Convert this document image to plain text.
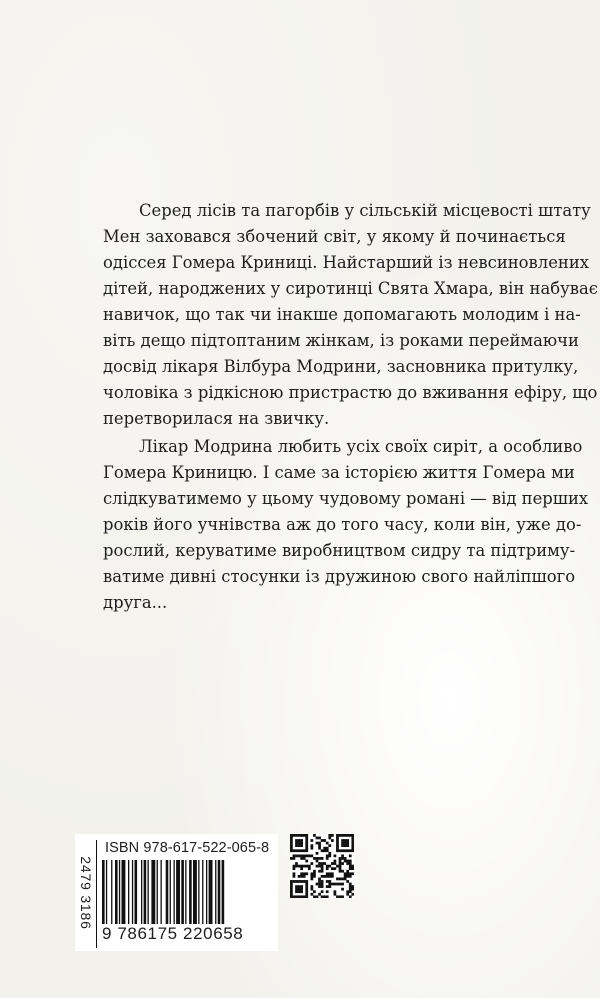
Серед лісів та пагорбів у сільській місцевості штату
Мен заховався збочений світ, у якому й починається
одіссея Гомера Криниці. Найстарший із невсиновлених
дітей, народжених у сиротинці Свята Хмара, він набуває
навичок, що так чи інакше допомагають молодим і на-
віть дещо підтоптаним жінкам, із роками переймаючи
досвід лікаря Вілбура Модрини, засновника притулку,
чоловіка з рідкісною пристрастю до вживання ефіру, що
перетворилася на звичку.
Лікар Модрина любить усіх своїх сиріт, а особливо
Гомера Криницю. І саме за історією життя Гомера ми
слідкуватимемо у цьому чудовому романі — від перших
років його учнівства аж до того часу, коли він, уже до-
рослий, керуватиме виробництвом сидру та підтриму-
ватиме дивні стосунки із дружиною свого найліпшого
друга...
2479 3186
ISBN 978-617-522-065-8
9 786175 220658
